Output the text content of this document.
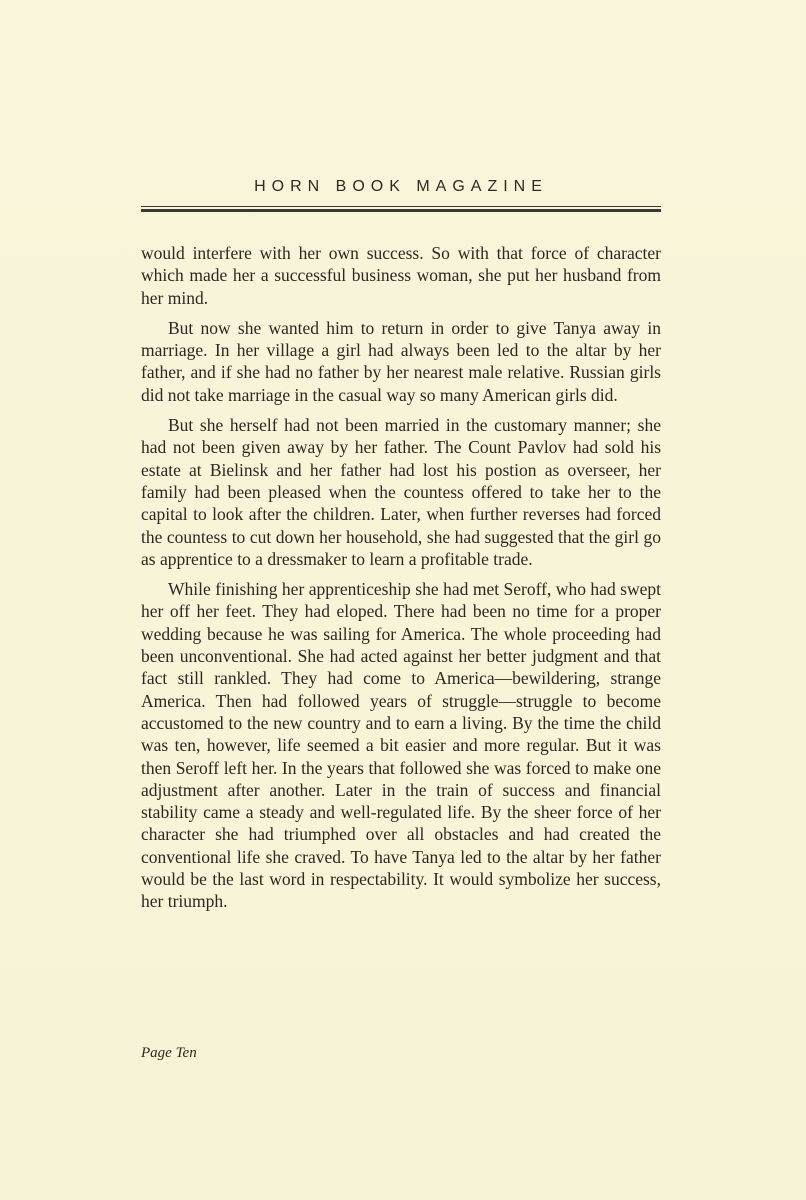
HORN BOOK MAGAZINE

would interfere with her own success. So with that force of character which made her a successful business woman, she put her husband from her mind.

But now she wanted him to return in order to give Tanya away in marriage. In her village a girl had always been led to the altar by her father, and if she had no father by her nearest male relative. Russian girls did not take marriage in the casual way so many American girls did.

But she herself had not been married in the customary manner; she had not been given away by her father. The Count Pavlov had sold his estate at Bielinsk and her father had lost his postion as overseer, her family had been pleased when the countess offered to take her to the capital to look after the children. Later, when further reverses had forced the countess to cut down her household, she had suggested that the girl go as apprentice to a dressmaker to learn a profitable trade.

While finishing her apprenticeship she had met Seroff, who had swept her off her feet. They had eloped. There had been no time for a proper wedding because he was sailing for America. The whole proceeding had been unconventional. She had acted against her better judgment and that fact still rankled. They had come to America—bewildering, strange America. Then had followed years of struggle—struggle to become accustomed to the new country and to earn a living. By the time the child was ten, however, life seemed a bit easier and more regular. But it was then Seroff left her. In the years that followed she was forced to make one adjustment after another. Later in the train of success and financial stability came a steady and well-regulated life. By the sheer force of her character she had triumphed over all obstacles and had created the conventional life she craved. To have Tanya led to the altar by her father would be the last word in respectability. It would symbolize her success, her triumph.

Page Ten
